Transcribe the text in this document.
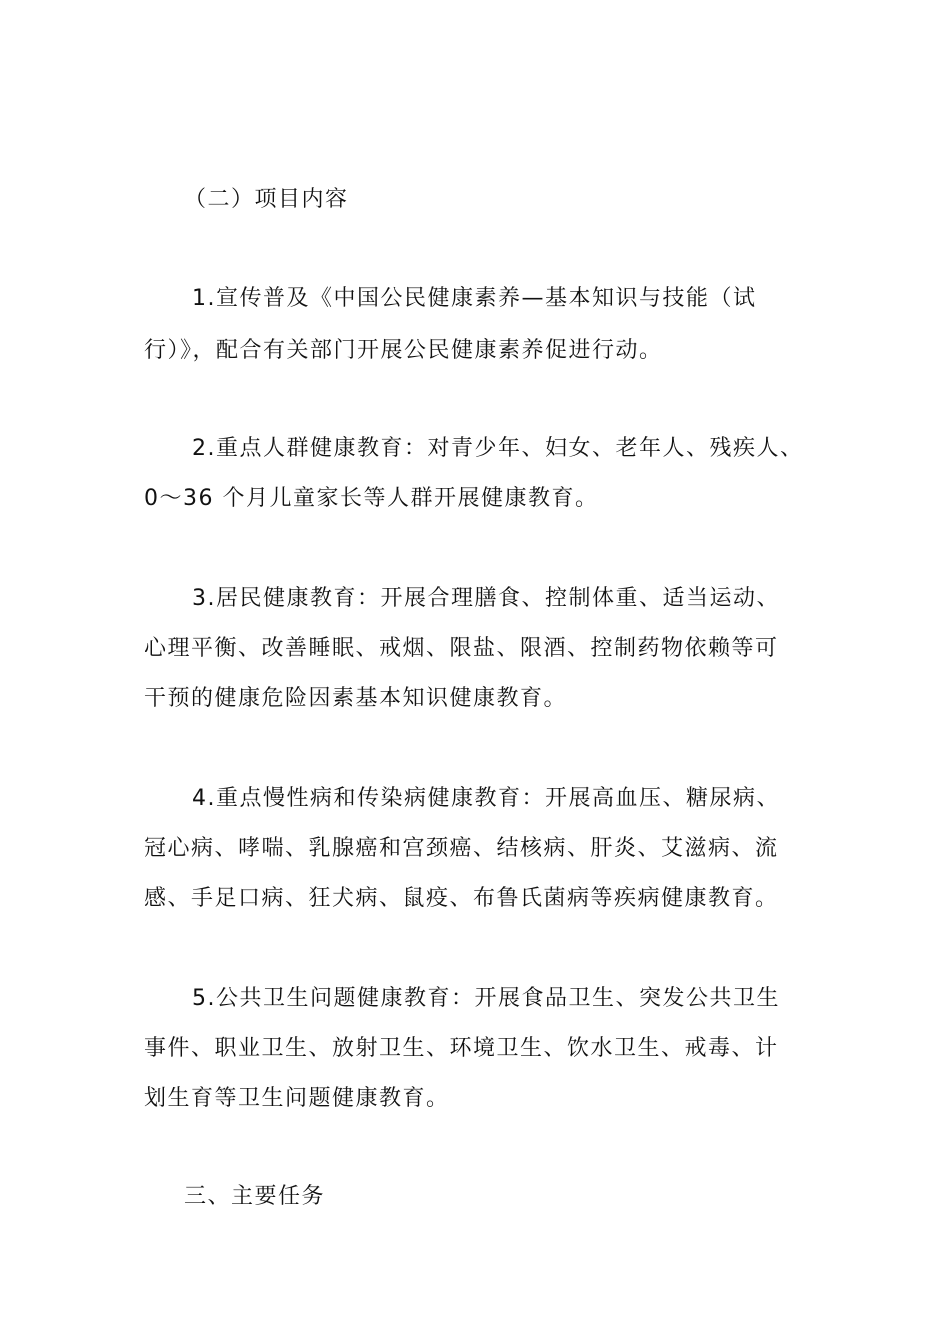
（二）项目内容
1.宣传普及《中国公民健康素养—基本知识与技能（试
行）》，配合有关部门开展公民健康素养促进行动。
2.重点人群健康教育：对青少年、妇女、老年人、残疾人、
0～36 个月儿童家长等人群开展健康教育。
3.居民健康教育：开展合理膳食、控制体重、适当运动、
心理平衡、改善睡眠、戒烟、限盐、限酒、控制药物依赖等可
干预的健康危险因素基本知识健康教育。
4.重点慢性病和传染病健康教育：开展高血压、糖尿病、
冠心病、哮喘、乳腺癌和宫颈癌、结核病、肝炎、艾滋病、流
感、手足口病、狂犬病、鼠疫、布鲁氏菌病等疾病健康教育。
5.公共卫生问题健康教育：开展食品卫生、突发公共卫生
事件、职业卫生、放射卫生、环境卫生、饮水卫生、戒毒、计
划生育等卫生问题健康教育。
三、主要任务
